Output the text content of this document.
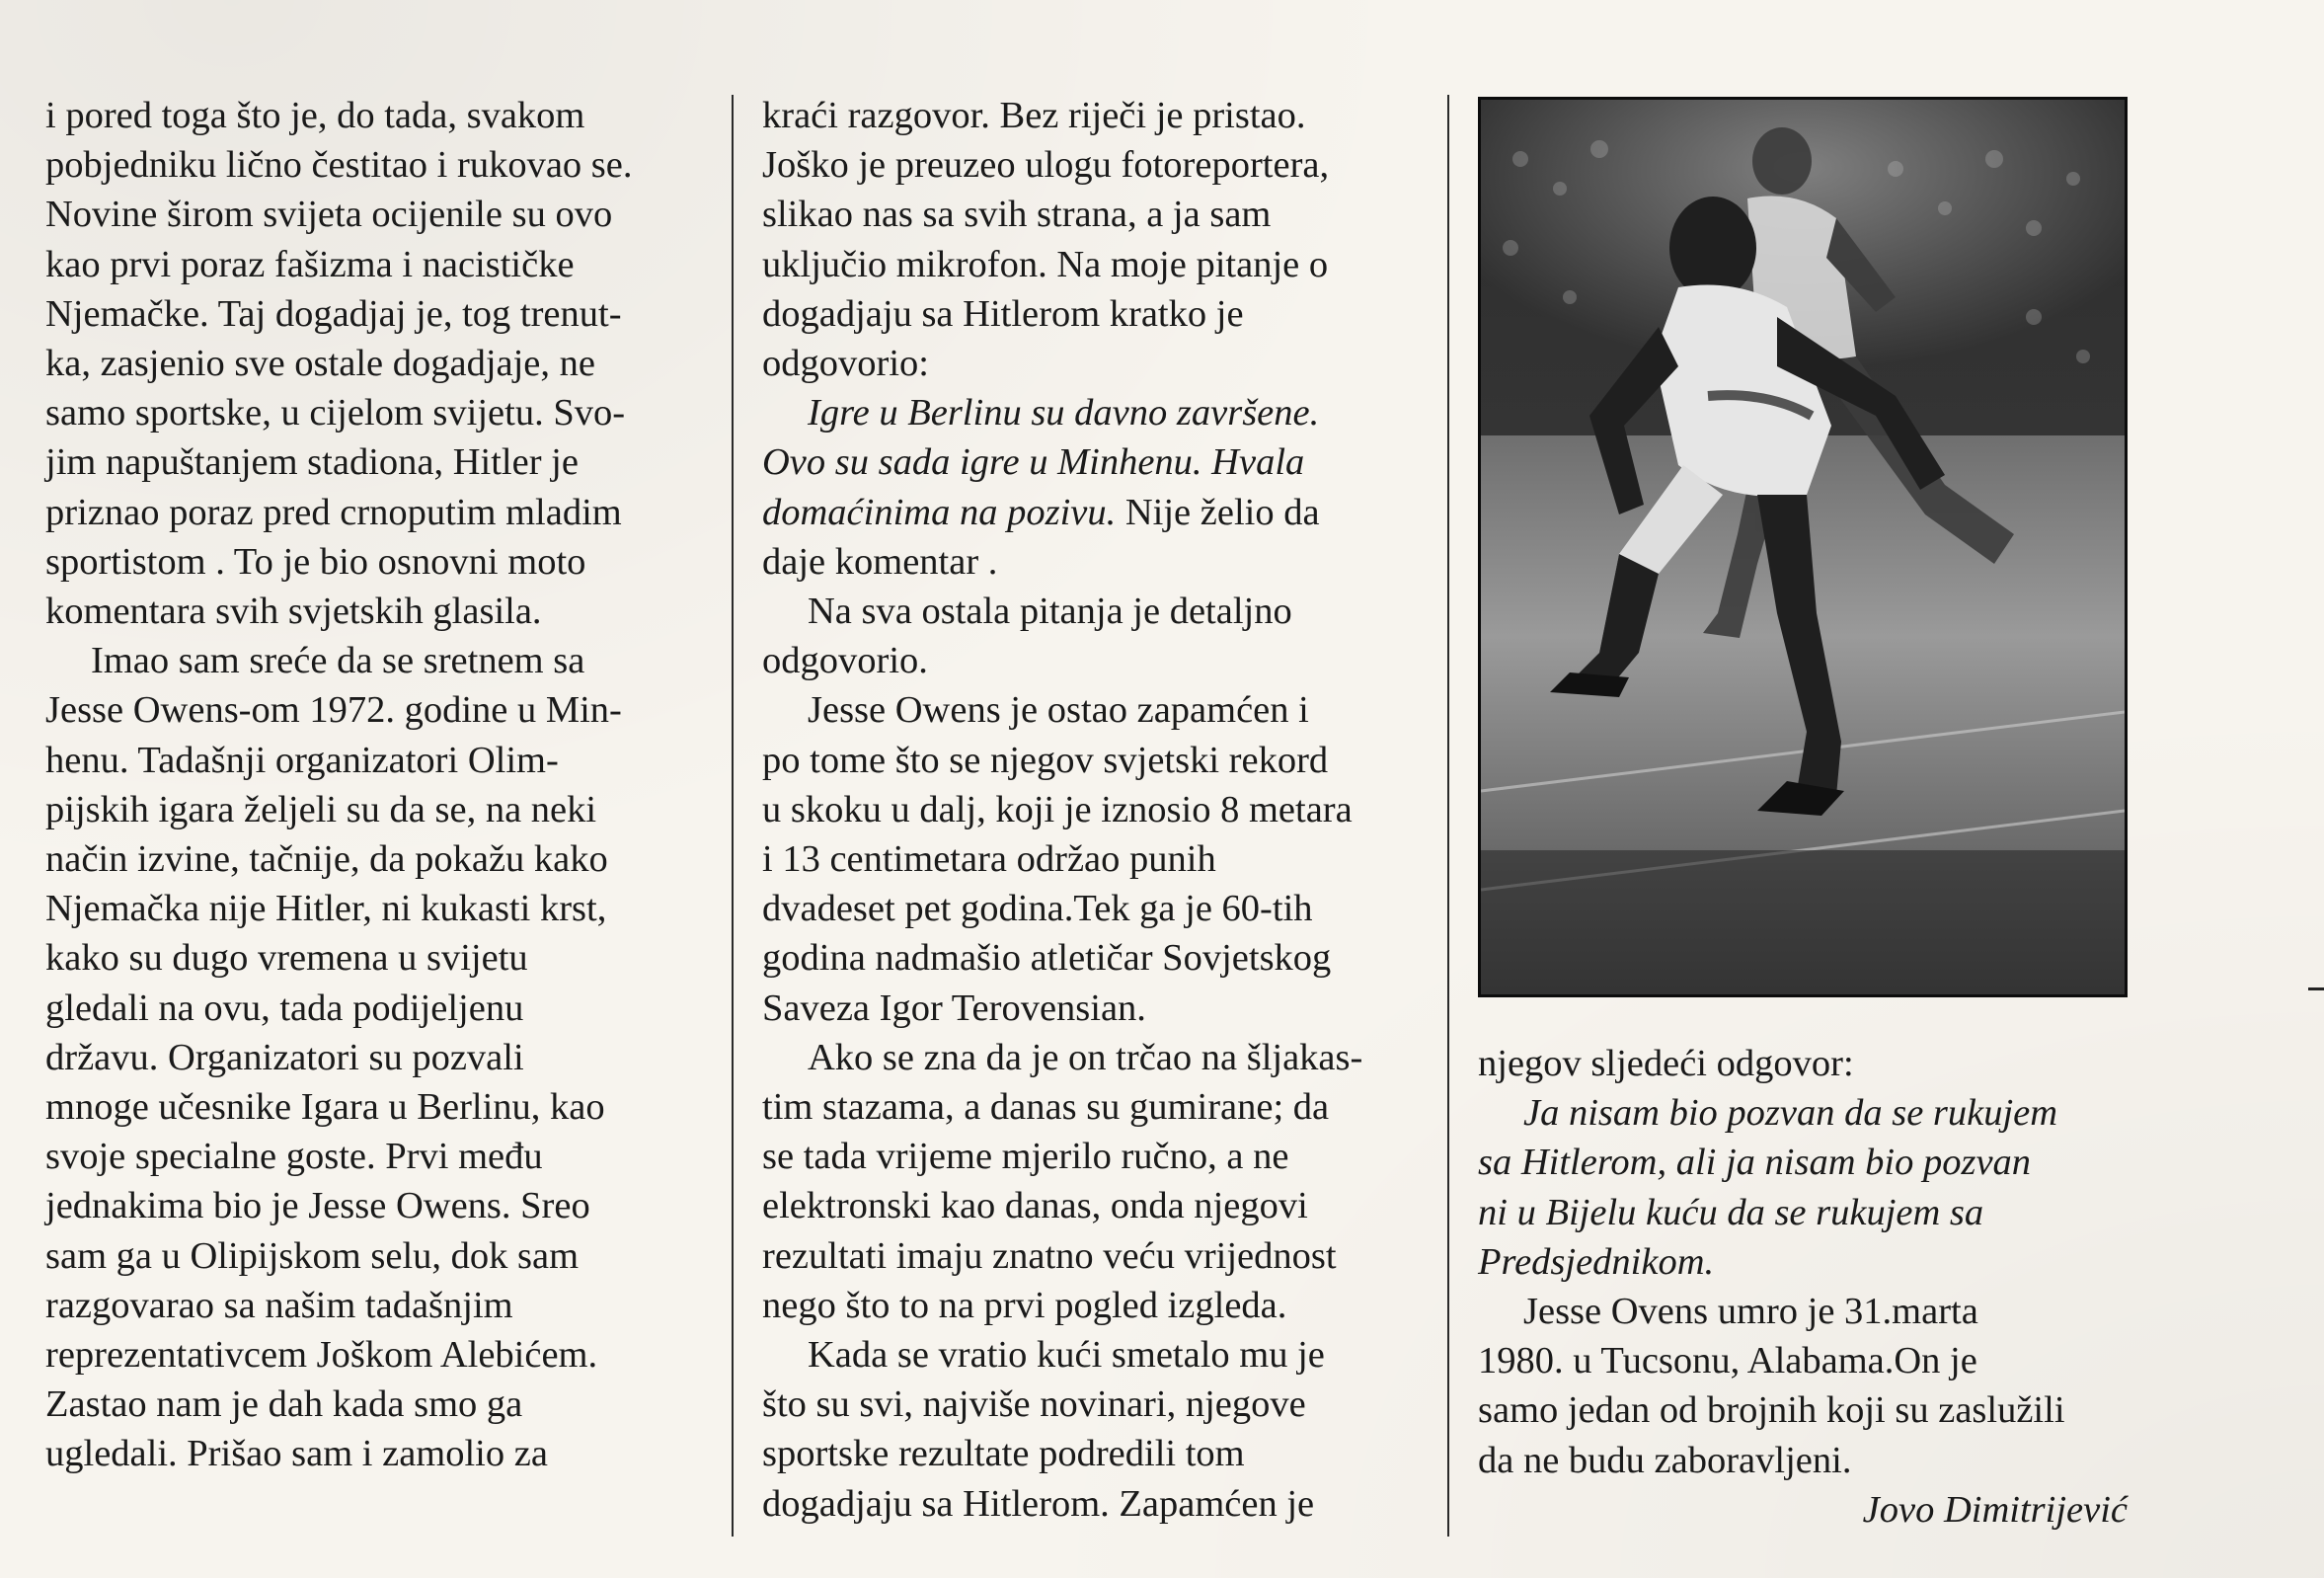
i pored toga što je, do tada, svakom
pobjedniku lično čestitao i rukovao se.
Novine širom svijeta ocijenile su ovo
kao prvi poraz fašizma i nacističke
Njemačke. Taj dogadjaj je, tog trenut-
ka, zasjenio sve ostale dogadjaje, ne
samo sportske, u cijelom svijetu. Svo-
jim napuštanjem stadiona, Hitler je
priznao poraz pred crnoputim mladim
sportistom . To je bio osnovni moto
komentara svih svjetskih glasila.

Imao sam sreće da se sretnem sa
Jesse Owens-om 1972. godine u Min-
henu. Tadašnji organizatori Olim-
pijskih igara željeli su da se, na neki
način izvine, tačnije, da pokažu kako
Njemačka nije Hitler, ni kukasti krst,
kako su dugo vremena u svijetu
gledali na ovu, tada podijeljenu
državu. Organizatori su pozvali
mnoge učesnike Igara u Berlinu, kao
svoje specialne goste. Prvi među
jednakima bio je Jesse Owens. Sreo
sam ga u Olipijskom selu, dok sam
razgovarao sa našim tadašnjim
reprezentativcem Joškom Alebićem.
Zastao nam je dah kada smo ga
ugledali. Prišao sam i zamolio za

kraći razgovor. Bez riječi je pristao.
Joško je preuzeo ulogu fotoreportera,
slikao nas sa svih strana, a ja sam
uključio mikrofon. Na moje pitanje o
dogadjaju sa Hitlerom kratko je
odgovorio:

Igre u Berlinu su davno završene.
Ovo su sada igre u Minhenu. Hvala
domaćinima na pozivu. Nije želio da
daje komentar .

Na sva ostala pitanja je detaljno
odgovorio.

Jesse Owens je ostao zapamćen i
po tome što se njegov svjetski rekord
u skoku u dalj, koji je iznosio 8 metara
i 13 centimetara održao punih
dvadeset pet godina.Tek ga je 60-tih
godina nadmašio atletičar Sovjetskog
Saveza Igor Terovensian.

Ako se zna da je on trčao na šljakas-
tim stazama, a danas su gumirane; da
se tada vrijeme mjerilo ručno, a ne
elektronski kao danas, onda njegovi
rezultati imaju znatno veću vrijednost
nego što to na prvi pogled izgleda.

Kada se vratio kući smetalo mu je
što su svi, najviše novinari, njegove
sportske rezultate podredili tom
dogadjaju sa Hitlerom. Zapamćen je

njegov sljedeći odgovor:

Ja nisam bio pozvan da se rukujem
sa Hitlerom, ali ja nisam bio pozvan
ni u Bijelu kuću da se rukujem sa
Predsjednikom.

Jesse Ovens umro je 31.marta
1980. u Tucsonu, Alabama.On je
samo jedan od brojnih koji su zaslužili
da ne budu zaboravljeni.

Jovo Dimitrijević
